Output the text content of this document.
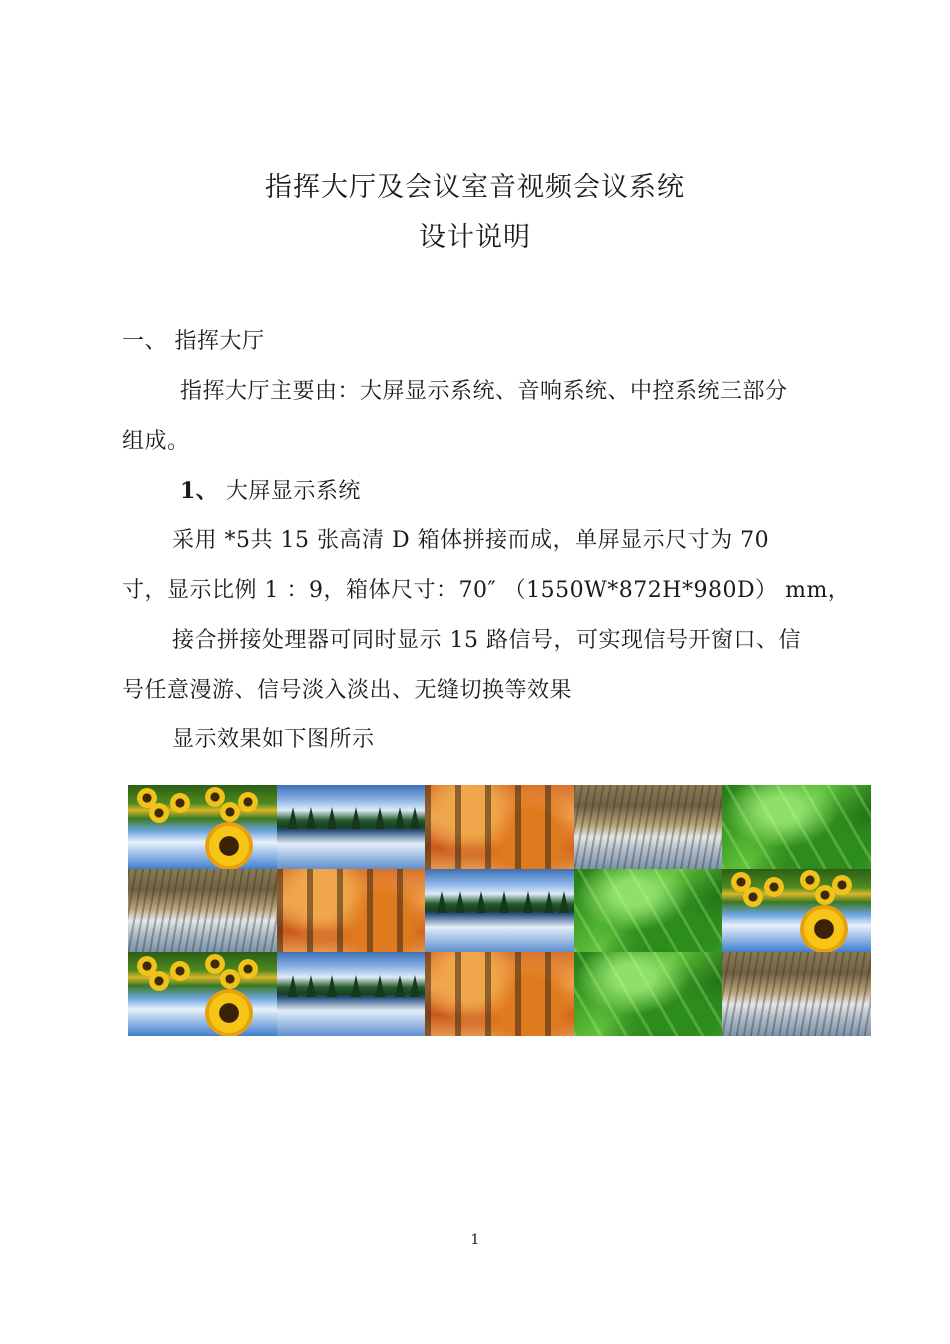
指挥大厅及会议室音视频会议系统
设计说明
一、 指挥大厅
指挥大厅主要由：大屏显示系统、音响系统、中控系统三部分
组成。
1、 大屏显示系统
采用 *5共 15 张高清 D 箱体拼接而成，单屏显示尺寸为 70
寸，显示比例 1 ：9，箱体尺寸：70″ （1550W*872H*980D） mm，
接合拼接处理器可同时显示 15 路信号，可实现信号开窗口、信
号任意漫游、信号淡入淡出、无缝切换等效果
显示效果如下图所示
1
